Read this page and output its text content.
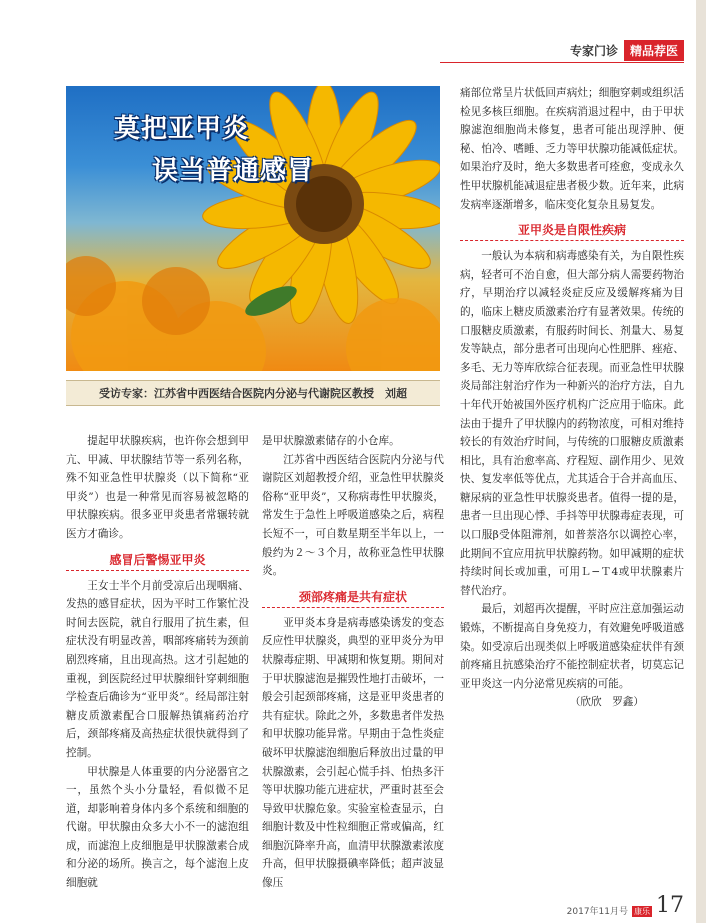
专家门诊	精品荐医
莫把亚甲炎
误当普通感冒
受访专家：江苏省中西医结合医院内分泌与代谢院区教授　刘超

提起甲状腺疾病，也许你会想到甲亢、甲减、甲状腺结节等一系列名称，殊不知亚急性甲状腺炎（以下简称“亚甲炎”）也是一种常见而容易被忽略的甲状腺疾病。很多亚甲炎患者常辗转就医方才确诊。

感冒后警惕亚甲炎

王女士半个月前受凉后出现咽痛、发热的感冒症状，因为平时工作繁忙没时间去医院，就自行服用了抗生素，但症状没有明显改善，咽部疼痛转为颈前剧烈疼痛，且出现高热。这才引起她的重视，到医院经过甲状腺细针穿刺细胞学检查后确诊为“亚甲炎”。经局部注射糖皮质激素配合口服解热镇痛药治疗后，颈部疼痛及高热症状很快就得到了控制。

甲状腺是人体重要的内分泌器官之一，虽然个头小分量轻，看似微不足道，却影响着身体内多个系统和细胞的代谢。甲状腺由众多大小不一的滤泡组成，而滤泡上皮细胞是甲状腺激素合成和分泌的场所。换言之，每个滤泡上皮细胞就

是甲状腺激素储存的小仓库。

江苏省中西医结合医院内分泌与代谢院区刘超教授介绍，亚急性甲状腺炎俗称“亚甲炎”，又称病毒性甲状腺炎，常发生于急性上呼吸道感染之后，病程长短不一，可自数星期至半年以上，一般约为２～３个月，故称亚急性甲状腺炎。

颈部疼痛是共有症状

亚甲炎本身是病毒感染诱发的变态反应性甲状腺炎，典型的亚甲炎分为甲状腺毒症期、甲减期和恢复期。期间对于甲状腺滤泡是摧毁性地打击破坏，一般会引起颈部疼痛，这是亚甲炎患者的共有症状。除此之外，多数患者伴发热和甲状腺功能异常。早期由于急性炎症破坏甲状腺滤泡细胞后释放出过量的甲状腺激素，会引起心慌手抖、怕热多汗等甲状腺功能亢进症状，严重时甚至会导致甲状腺危象。实验室检查显示，白细胞计数及中性粒细胞正常或偏高，红细胞沉降率升高，血清甲状腺激素浓度升高，但甲状腺摄碘率降低；超声波显像压

痛部位常呈片状低回声病灶；细胞穿刺或组织活检见多核巨细胞。在疾病消退过程中，由于甲状腺滤泡细胞尚未修复，患者可能出现浮肿、便秘、怕冷、嗜睡、乏力等甲状腺功能减低症状。如果治疗及时，绝大多数患者可痊愈，变成永久性甲状腺机能减退症患者极少数。近年来，此病发病率逐渐增多，临床变化复杂且易复发。

亚甲炎是自限性疾病

一般认为本病和病毒感染有关，为自限性疾病，轻者可不治自愈，但大部分病人需要药物治疗，早期治疗以减轻炎症反应及缓解疼痛为目的，临床上糖皮质激素治疗有显著效果。传统的口服糖皮质激素，有服药时间长、剂量大、易复发等缺点，部分患者可出现向心性肥胖、痤疮、多毛、无力等库欣综合征表现。而亚急性甲状腺炎局部注射治疗作为一种新兴的治疗方法，自九十年代开始被国外医疗机构广泛应用于临床。此法由于提升了甲状腺内的药物浓度，可相对维持较长的有效治疗时间，与传统的口服糖皮质激素相比，具有治愈率高、疗程短、副作用少、见效快、复发率低等优点，尤其适合于合并高血压、糖尿病的亚急性甲状腺炎患者。值得一提的是，患者一旦出现心悸、手抖等甲状腺毒症表现，可以口服β受体阻滞剂，如普萘洛尔以调控心率，此期间不宜应用抗甲状腺药物。如甲减期的症状持续时间长或加重，可用Ｌ−Ｔ4或甲状腺素片替代治疗。

最后，刘超再次提醒，平时应注意加强运动锻炼，不断提高自身免疫力，有效避免呼吸道感染。如受凉后出现类似上呼吸道感染症状伴有颈前疼痛且抗感染治疗不能控制症状者，切莫忘记亚甲炎这一内分泌常见疾病的可能。

（欣欣　罗鑫）

2017年11月号 康乐 17
